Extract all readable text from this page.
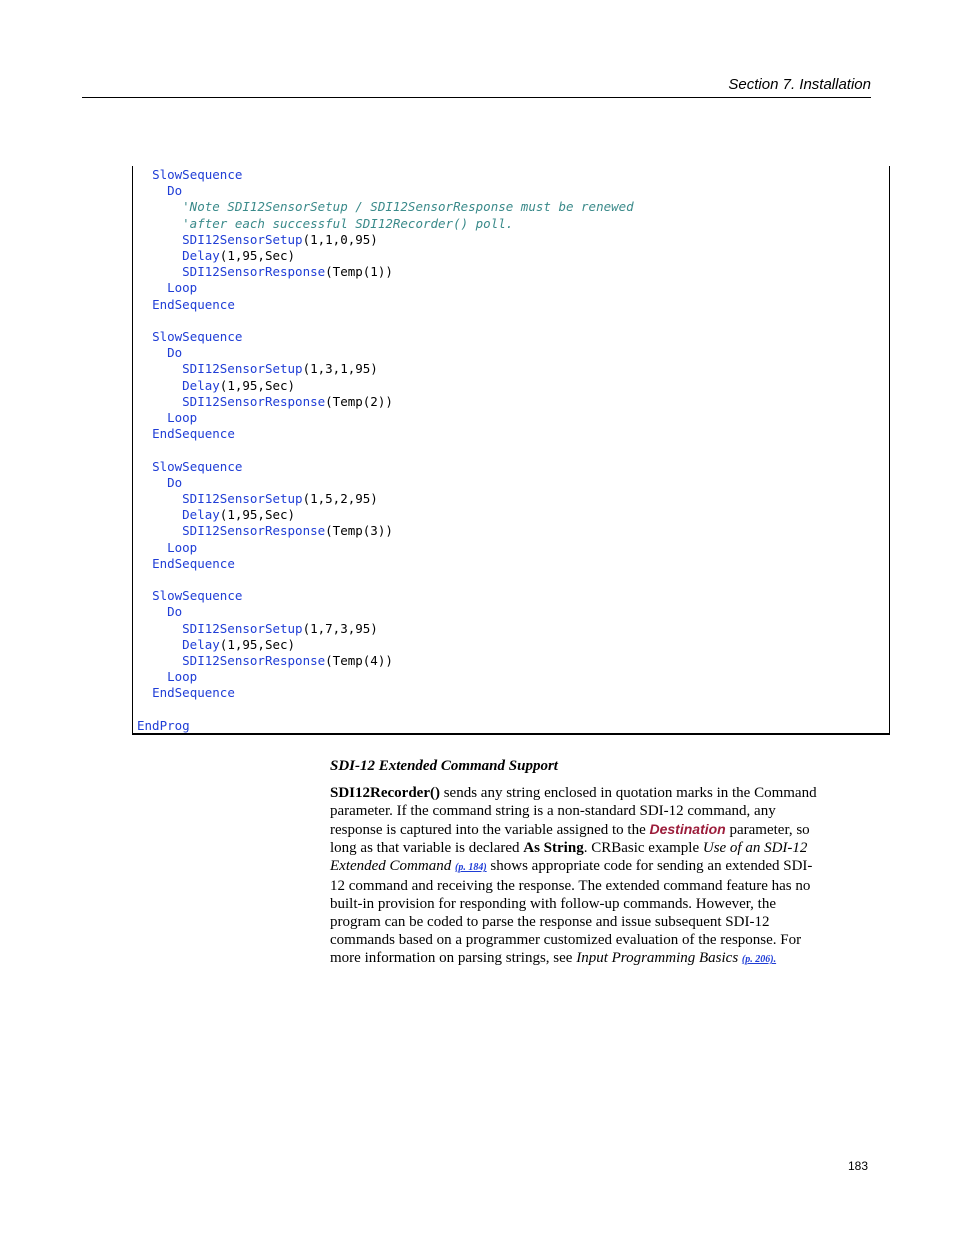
Section 7. Installation
SlowSequence
Do
'Note SDI12SensorSetup / SDI12SensorResponse must be renewed
'after each successful SDI12Recorder() poll.
SDI12SensorSetup(1,1,0,95)
Delay(1,95,Sec)
SDI12SensorResponse(Temp(1))
Loop
EndSequence
SlowSequence
Do
SDI12SensorSetup(1,3,1,95)
Delay(1,95,Sec)
SDI12SensorResponse(Temp(2))
Loop
EndSequence
SlowSequence
Do
SDI12SensorSetup(1,5,2,95)
Delay(1,95,Sec)
SDI12SensorResponse(Temp(3))
Loop
EndSequence
SlowSequence
Do
SDI12SensorSetup(1,7,3,95)
Delay(1,95,Sec)
SDI12SensorResponse(Temp(4))
Loop
EndSequence
EndProg
SDI-12 Extended Command Support
SDI12Recorder() sends any string enclosed in quotation marks in the Command
parameter. If the command string is a non-standard SDI-12 command, any
response is captured into the variable assigned to the Destination parameter, so
long as that variable is declared As String. CRBasic example Use of an SDI-12
Extended Command (p. 184) shows appropriate code for sending an extended SDI-
12 command and receiving the response. The extended command feature has no
built-in provision for responding with follow-up commands. However, the
program can be coded to parse the response and issue subsequent SDI-12
commands based on a programmer customized evaluation of the response. For
more information on parsing strings, see Input Programming Basics (p. 206).
183
